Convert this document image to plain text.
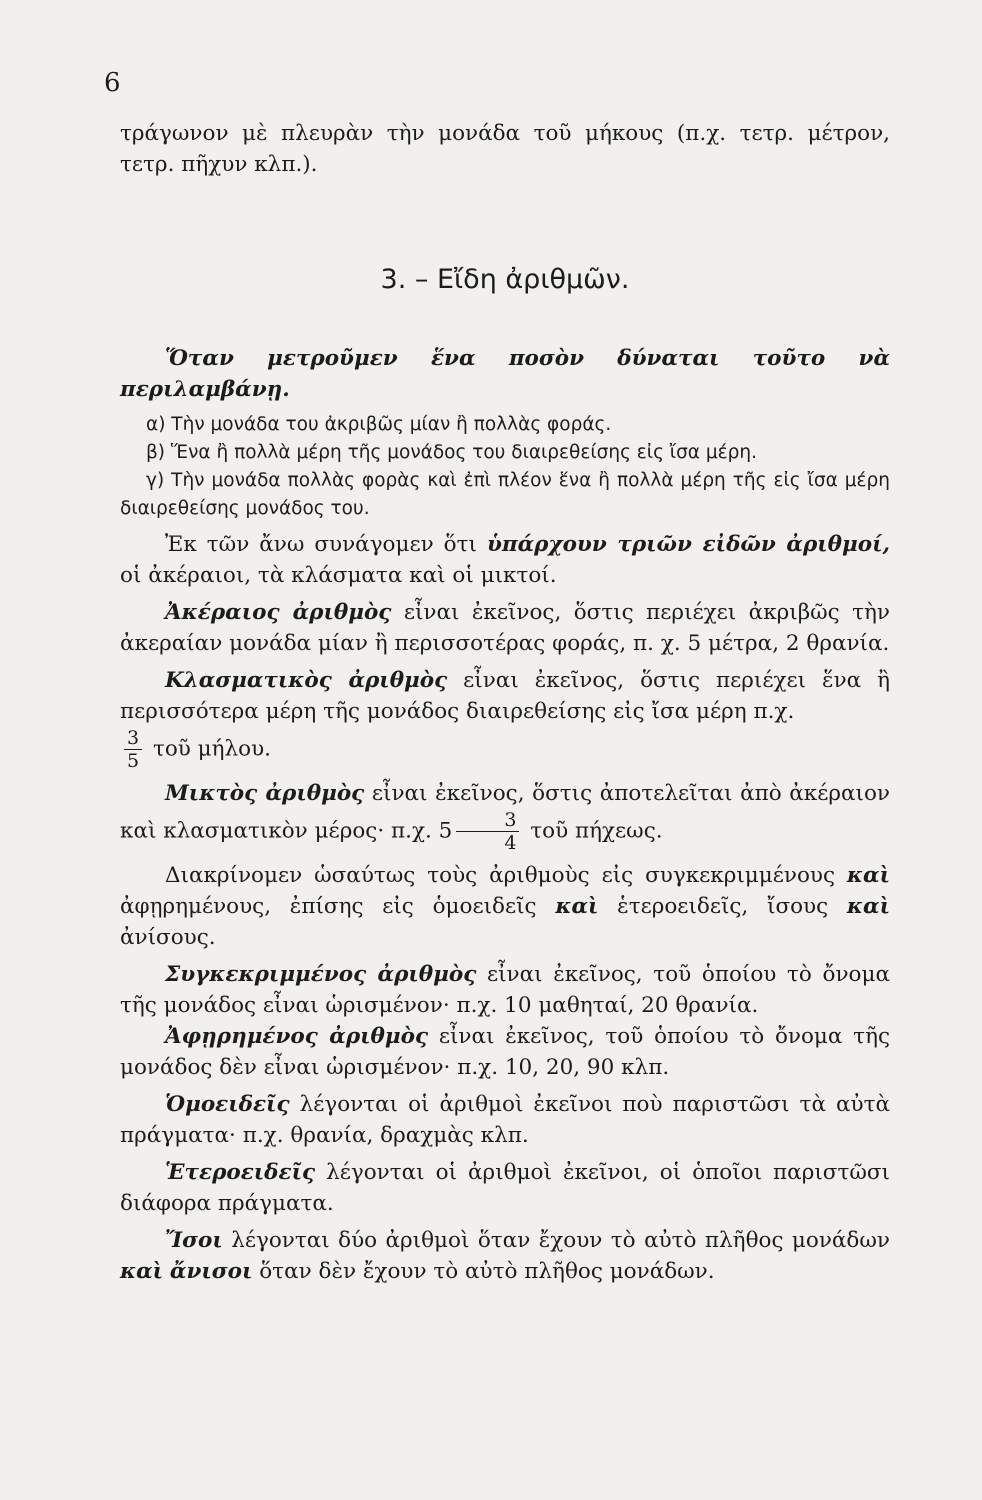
6

τράγωνον μὲ πλευρὰν τὴν μονάδα τοῦ μήκους (π.χ. τετρ. μέτρον, τετρ. πῆχυν κλπ.).

3. – Εἴδη ἀριθμῶν.

Ὅταν μετροῦμεν ἕνα ποσὸν δύναται τοῦτο νὰ περιλαμβάνῃ.

α) Τὴν μονάδα του ἀκριβῶς μίαν ἢ πολλὰς φοράς.

β) Ἕνα ἢ πολλὰ μέρη τῆς μονάδος του διαιρεθείσης εἰς ἴσα μέρη.

γ) Τὴν μονάδα πολλὰς φορὰς καὶ ἐπὶ πλέον ἕνα ἢ πολλὰ μέρη τῆς εἰς ἴσα μέρη διαιρεθείσης μονάδος του.

Ἐκ τῶν ἄνω συνάγομεν ὅτι ὑπάρχουν τριῶν εἰδῶν ἀριθμοί, οἱ ἀκέραιοι, τὰ κλάσματα καὶ οἱ μικτοί.

Ἀκέραιος ἀριθμὸς εἶναι ἐκεῖνος, ὅστις περιέχει ἀκριβῶς τὴν ἀκεραίαν μονάδα μίαν ἢ περισσοτέρας φοράς, π. χ. 5 μέτρα, 2 θρανία.

Κλασματικὸς ἀριθμὸς εἶναι ἐκεῖνος, ὅστις περιέχει ἕνα ἢ περισσότερα μέρη τῆς μονάδος διαιρεθείσης εἰς ἴσα μέρη π.χ.

$\frac{3}{5}$ τοῦ μήλου.

Μικτὸς ἀριθμὸς εἶναι ἐκεῖνος, ὅστις ἀποτελεῖται ἀπὸ ἀκέραιον καὶ κλασματικὸν μέρος· π.χ. $5 \frac{3}{4}$ τοῦ πήχεως.

Διακρίνομεν ὡσαύτως τοὺς ἀριθμοὺς εἰς συγκεκριμμένους καὶ ἀφῃρημένους, ἐπίσης εἰς ὁμοειδεῖς καὶ ἑτεροειδεῖς, ἴσους καὶ ἀνίσους.

Συγκεκριμμένος ἀριθμὸς εἶναι ἐκεῖνος, τοῦ ὁποίου τὸ ὄνομα τῆς μονάδος εἶναι ὡρισμένον· π.χ. 10 μαθηταί, 20 θρανία.

Ἀφῃρημένος ἀριθμὸς εἶναι ἐκεῖνος, τοῦ ὁποίου τὸ ὄνομα τῆς μονάδος δὲν εἶναι ὡρισμένον· π.χ. 10, 20, 90 κλπ.

Ὁμοειδεῖς λέγονται οἱ ἀριθμοὶ ἐκεῖνοι ποὺ παριστῶσι τὰ αὐτὰ πράγματα· π.χ. θρανία, δραχμὰς κλπ.

Ἑτεροειδεῖς λέγονται οἱ ἀριθμοὶ ἐκεῖνοι, οἱ ὁποῖοι παριστῶσι διάφορα πράγματα.

Ἴσοι λέγονται δύο ἀριθμοὶ ὅταν ἔχουν τὸ αὐτὸ πλῆθος μονάδων καὶ ἄνισοι ὅταν δὲν ἔχουν τὸ αὐτὸ πλῆθος μονάδων.
